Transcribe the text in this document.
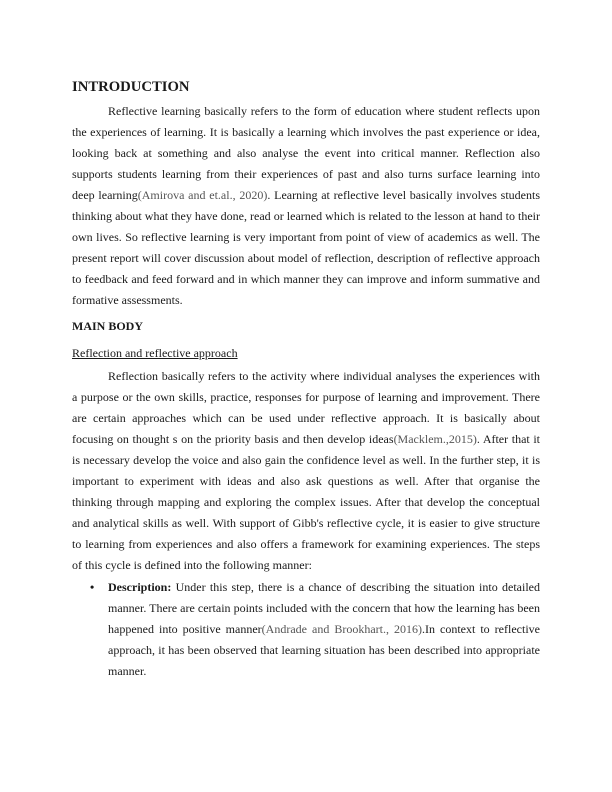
INTRODUCTION

Reflective learning basically refers to the form of education where student reflects upon the experiences of learning. It is basically a learning which involves the past experience or idea, looking back at something and also analyse the event into critical manner. Reflection also supports students learning from their experiences of past and also turns surface learning into deep learning(Amirova and et.al., 2020). Learning at reflective level basically involves students thinking about what they have done, read or learned which is related to the lesson at hand to their own lives. So reflective learning is very important from point of view of academics as well. The present report will cover discussion about model of reflection, description of reflective approach to feedback and feed forward and in which manner they can improve and inform summative and formative assessments.

MAIN BODY
Reflection and reflective approach

Reflection basically refers to the activity where individual analyses the experiences with a purpose or the own skills, practice, responses for purpose of learning and improvement. There are certain approaches which can be used under reflective approach. It is basically about focusing on thought s on the priority basis and then develop ideas(Macklem.,2015). After that it is necessary develop the voice and also gain the confidence level as well. In the further step, it is important to experiment with ideas and also ask questions as well. After that organise the thinking through mapping and exploring the complex issues. After that develop the conceptual and analytical skills as well. With support of Gibb's reflective cycle, it is easier to give structure to learning from experiences and also offers a framework for examining experiences. The steps of this cycle is defined into the following manner:

• Description: Under this step, there is a chance of describing the situation into detailed manner. There are certain points included with the concern that how the learning has been happened into positive manner(Andrade and Brookhart., 2016).In context to reflective approach, it has been observed that learning situation has been described into appropriate manner.
